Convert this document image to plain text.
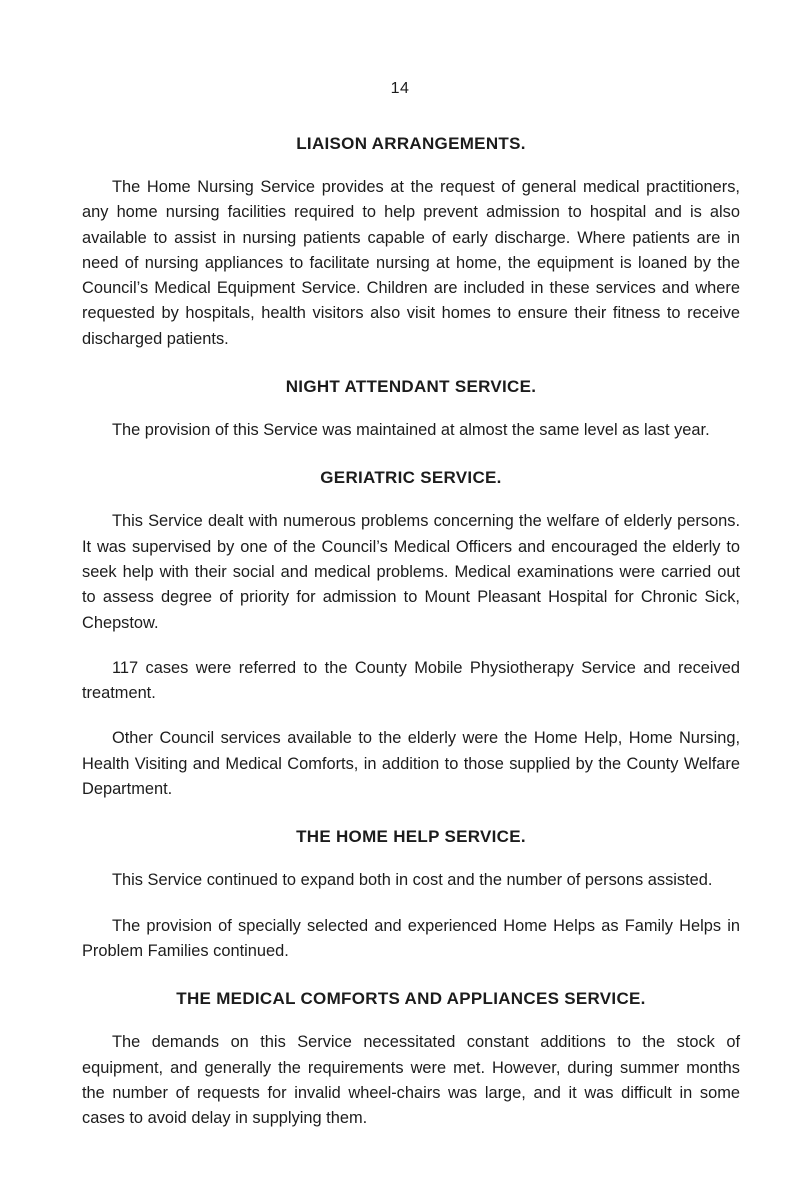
14
LIAISON ARRANGEMENTS.

The Home Nursing Service provides at the request of general medical practitioners, any home nursing facilities required to help prevent admission to hospital and is also available to assist in nursing patients capable of early discharge. Where patients are in need of nursing appliances to facilitate nursing at home, the equipment is loaned by the Council’s Medical Equipment Service. Children are included in these services and where requested by hospitals, health visitors also visit homes to ensure their fitness to receive discharged patients.

NIGHT ATTENDANT SERVICE.

The provision of this Service was maintained at almost the same level as last year.

GERIATRIC SERVICE.

This Service dealt with numerous problems concerning the welfare of elderly persons. It was supervised by one of the Council’s Medical Officers and encouraged the elderly to seek help with their social and medical problems. Medical examinations were carried out to assess degree of priority for admission to Mount Pleasant Hospital for Chronic Sick, Chepstow.

117 cases were referred to the County Mobile Physiotherapy Service and received treatment.

Other Council services available to the elderly were the Home Help, Home Nursing, Health Visiting and Medical Comforts, in addition to those supplied by the County Welfare Department.

THE HOME HELP SERVICE.

This Service continued to expand both in cost and the number of persons assisted.

The provision of specially selected and experienced Home Helps as Family Helps in Problem Families continued.

THE MEDICAL COMFORTS AND APPLIANCES SERVICE.

The demands on this Service necessitated constant additions to the stock of equipment, and generally the requirements were met. However, during summer months the number of requests for invalid wheel-chairs was large, and it was difficult in some cases to avoid delay in supplying them.
